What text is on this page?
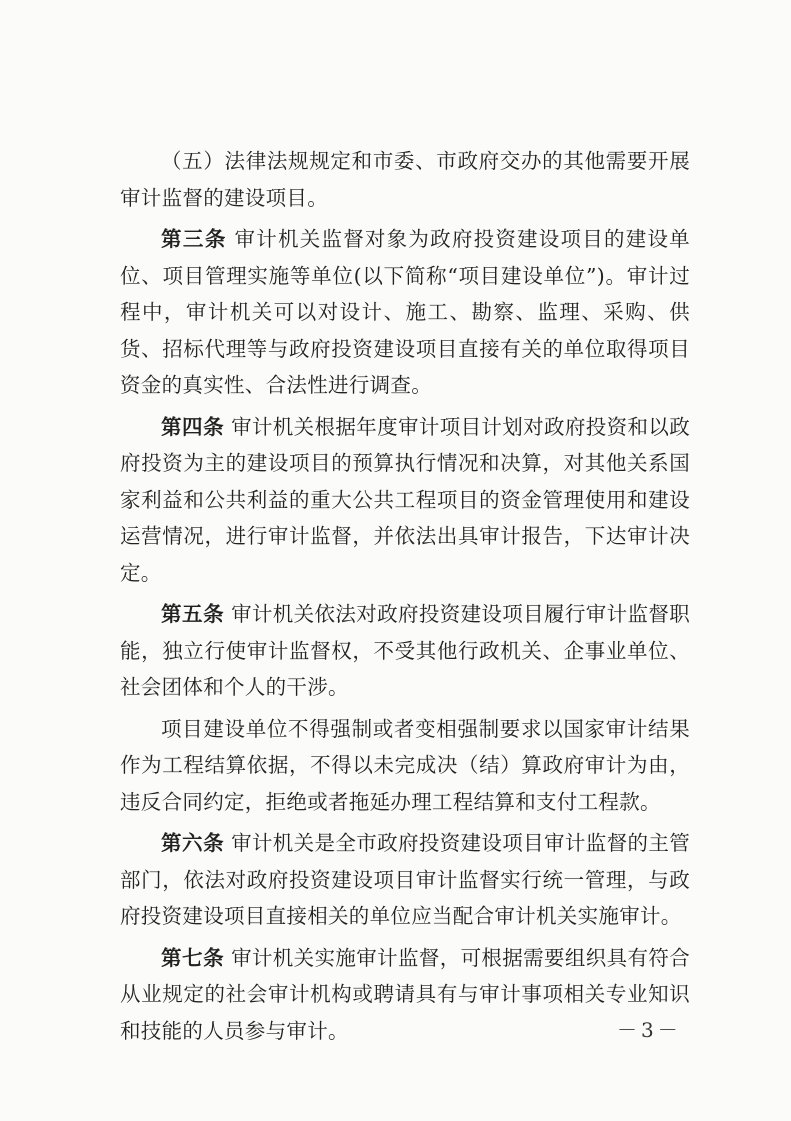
（五）法律法规规定和市委、市政府交办的其他需要开展审计监督的建设项目。

第三条 审计机关监督对象为政府投资建设项目的建设单位、项目管理实施等单位(以下简称“项目建设单位”)。审计过程中，审计机关可以对设计、施工、勘察、监理、采购、供货、招标代理等与政府投资建设项目直接有关的单位取得项目资金的真实性、合法性进行调查。

第四条 审计机关根据年度审计项目计划对政府投资和以政府投资为主的建设项目的预算执行情况和决算，对其他关系国家利益和公共利益的重大公共工程项目的资金管理使用和建设运营情况，进行审计监督，并依法出具审计报告，下达审计决定。

第五条 审计机关依法对政府投资建设项目履行审计监督职能，独立行使审计监督权，不受其他行政机关、企事业单位、社会团体和个人的干涉。

项目建设单位不得强制或者变相强制要求以国家审计结果作为工程结算依据，不得以未完成决（结）算政府审计为由，违反合同约定，拒绝或者拖延办理工程结算和支付工程款。

第六条 审计机关是全市政府投资建设项目审计监督的主管部门，依法对政府投资建设项目审计监督实行统一管理，与政府投资建设项目直接相关的单位应当配合审计机关实施审计。

第七条 审计机关实施审计监督，可根据需要组织具有符合从业规定的社会审计机构或聘请具有与审计事项相关专业知识和技能的人员参与审计。	－3－
